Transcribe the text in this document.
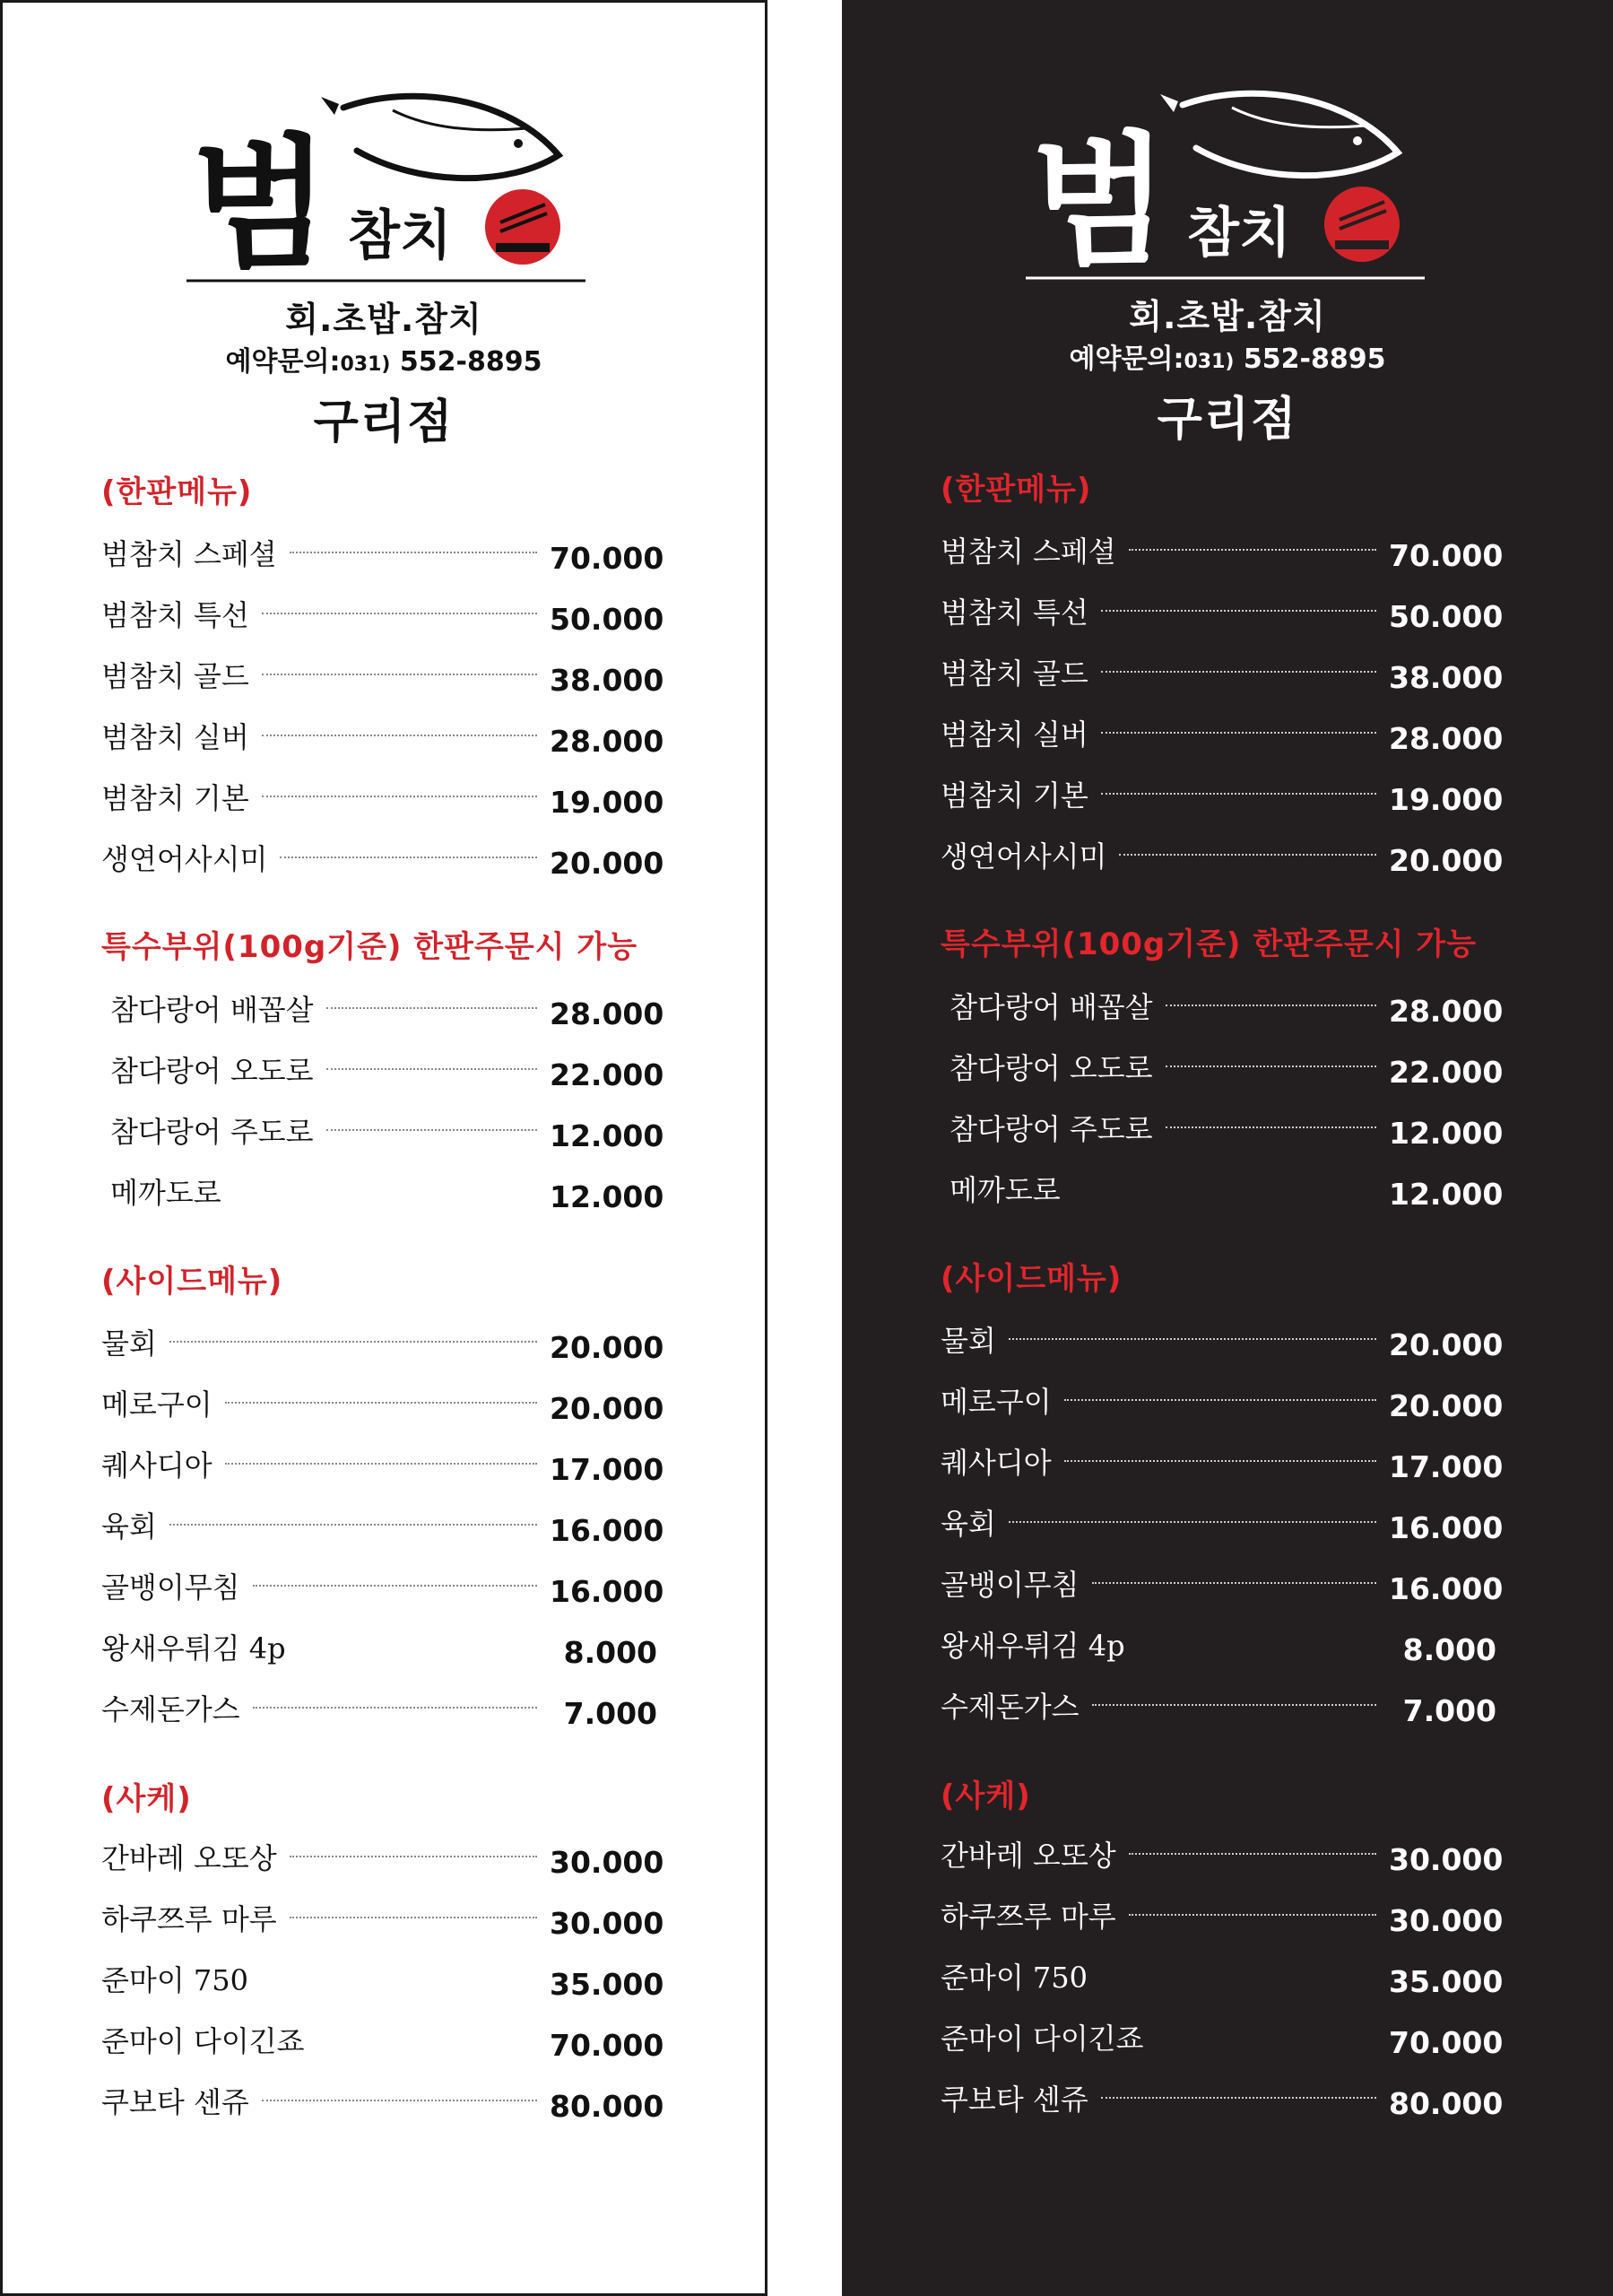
범 참치
회.초밥.참치
예약문의:031) 552-8895
구리점
(한판메뉴)
범참치 스페셜	70.000
범참치 특선	50.000
범참치 골드	38.000
범참치 실버	28.000
범참치 기본	19.000
생연어사시미	20.000
특수부위(100g기준) 한판주문시 가능
참다랑어 배꼽살	28.000
참다랑어 오도로	22.000
참다랑어 주도로	12.000
메까도로	12.000
(사이드메뉴)
물회	20.000
메로구이	20.000
퀘사디아	17.000
육회	16.000
골뱅이무침	16.000
왕새우튀김 4p	8.000
수제돈가스	7.000
(사케)
간바레 오또상	30.000
하쿠쯔루 마루	30.000
준마이 750	35.000
준마이 다이긴죠	70.000
쿠보타 센쥬	80.000
범 참치
회.초밥.참치
예약문의:031) 552-8895
구리점
(한판메뉴)
범참치 스페셜	70.000
범참치 특선	50.000
범참치 골드	38.000
범참치 실버	28.000
범참치 기본	19.000
생연어사시미	20.000
특수부위(100g기준) 한판주문시 가능
참다랑어 배꼽살	28.000
참다랑어 오도로	22.000
참다랑어 주도로	12.000
메까도로	12.000
(사이드메뉴)
물회	20.000
메로구이	20.000
퀘사디아	17.000
육회	16.000
골뱅이무침	16.000
왕새우튀김 4p	8.000
수제돈가스	7.000
(사케)
간바레 오또상	30.000
하쿠쯔루 마루	30.000
준마이 750	35.000
준마이 다이긴죠	70.000
쿠보타 센쥬	80.000
